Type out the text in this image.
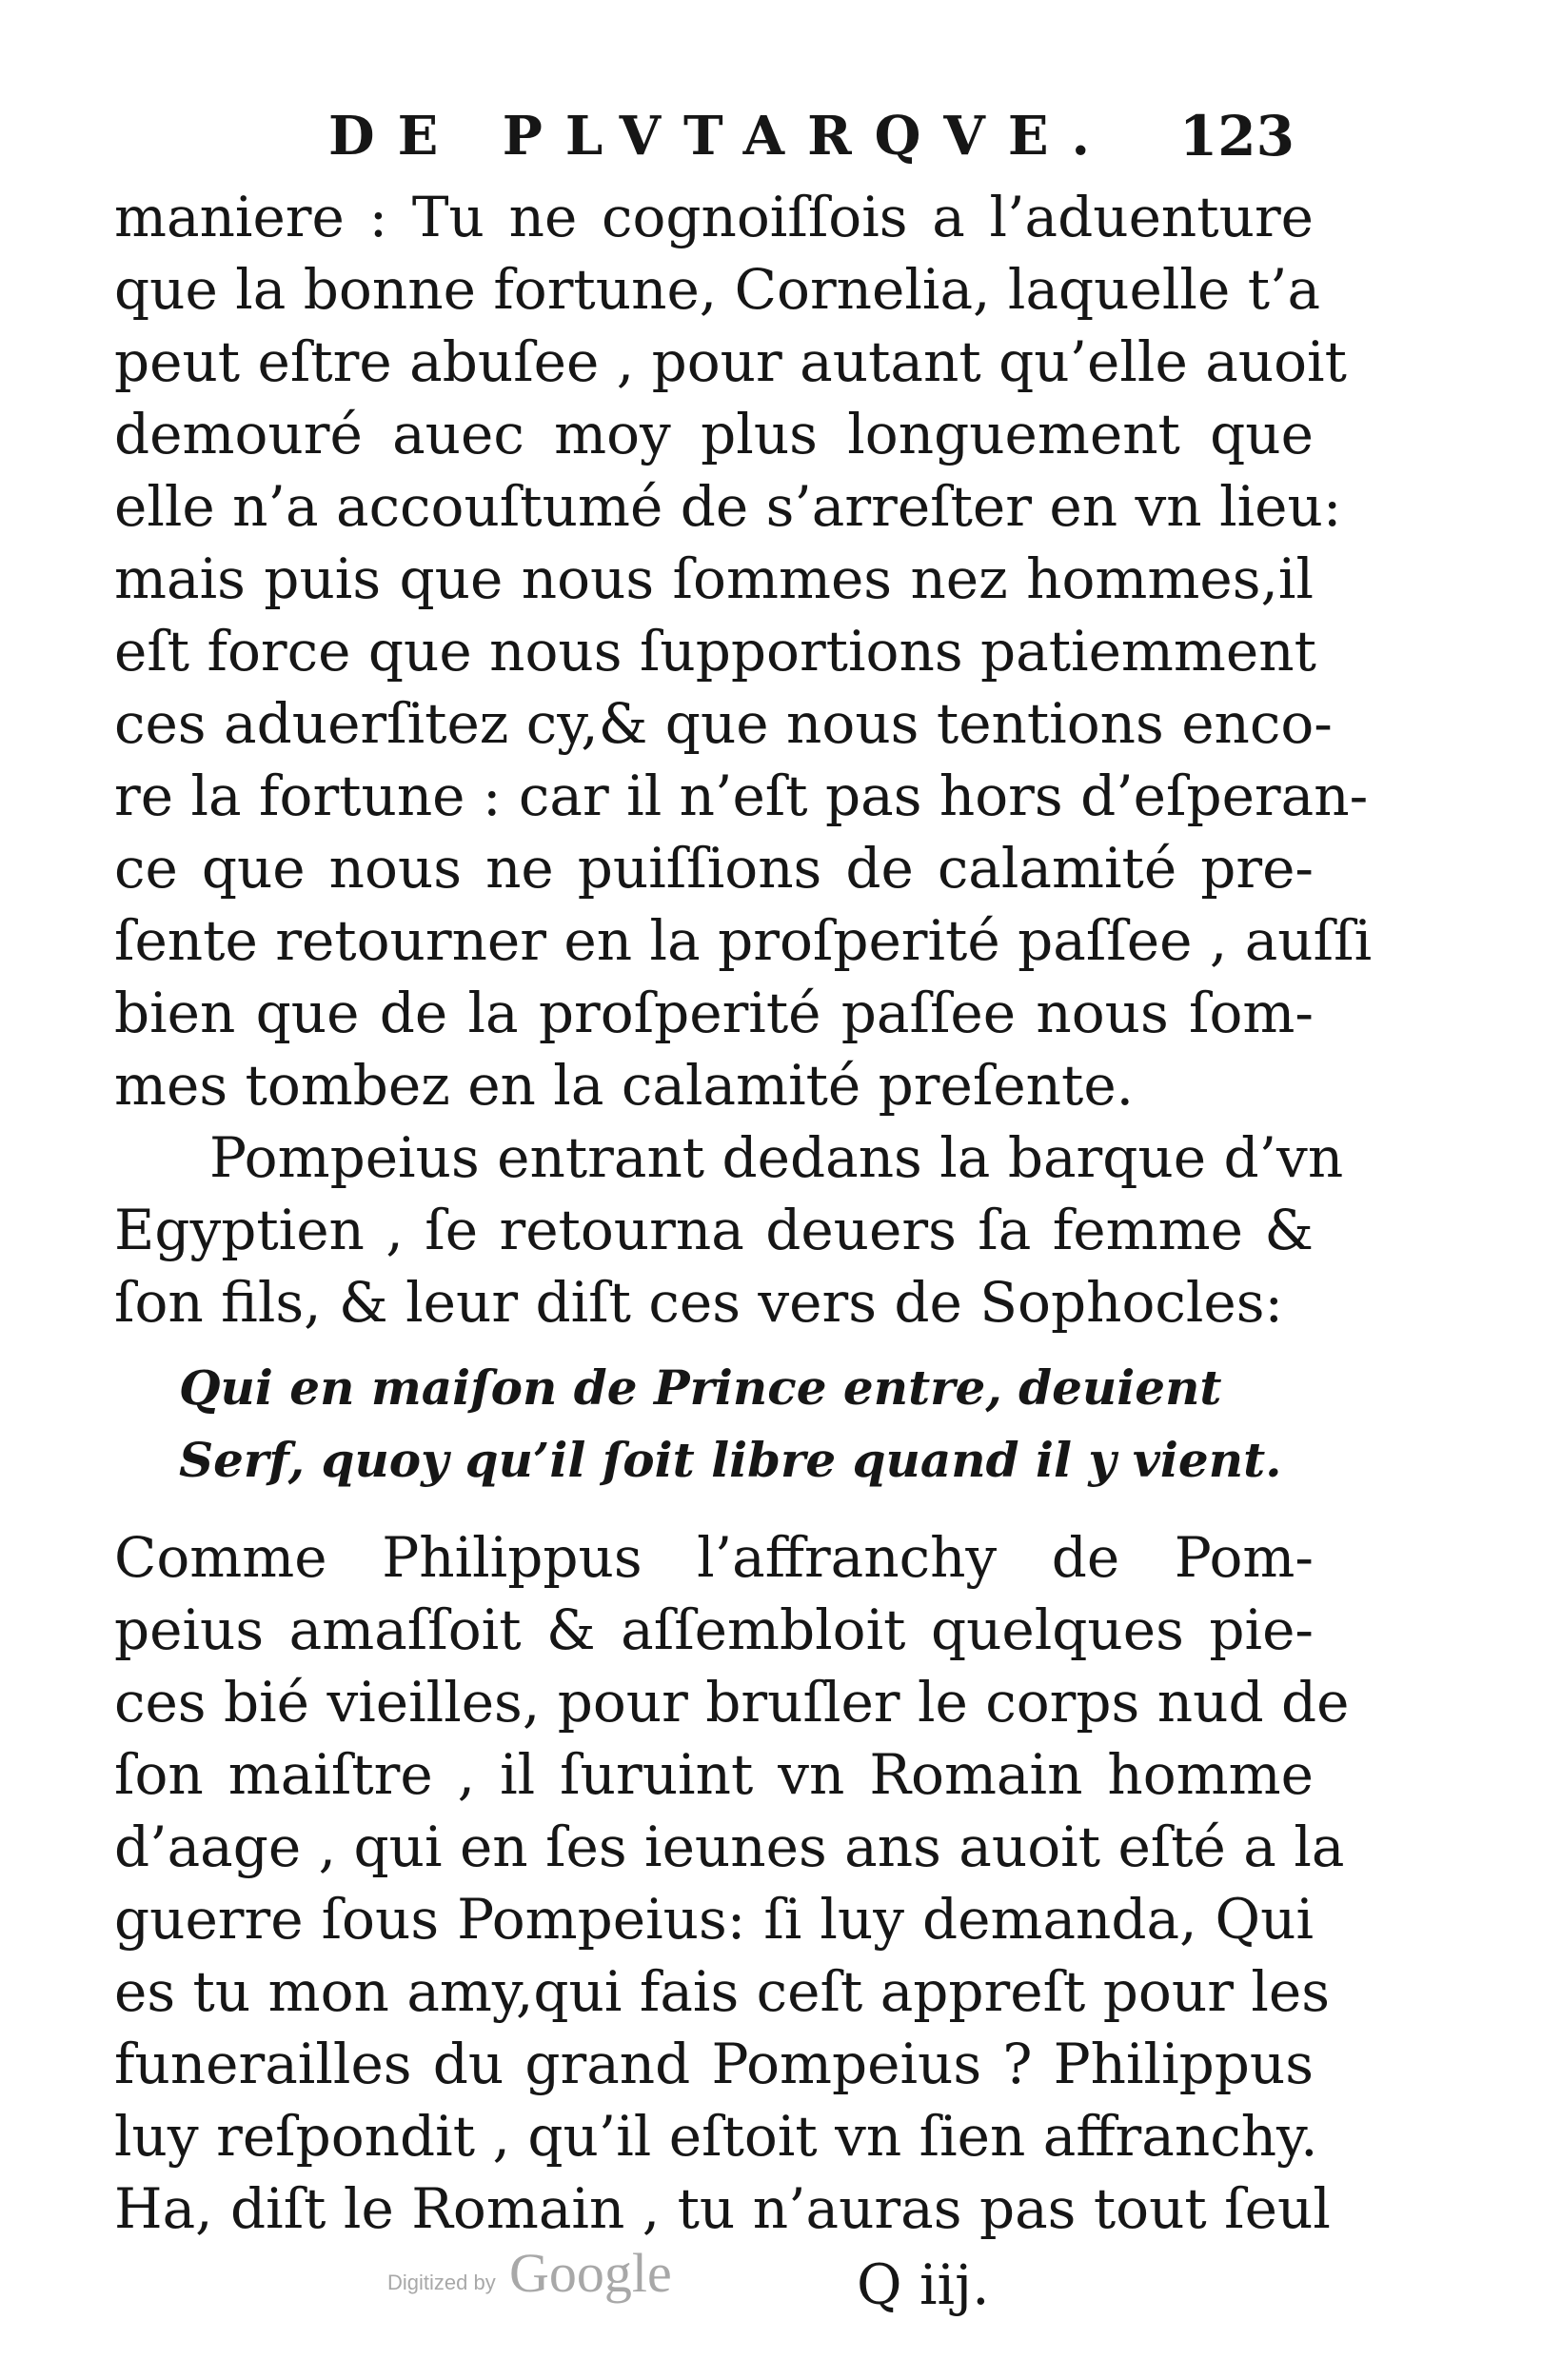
DE PLVTARQVE. 123
maniere : Tu ne cognoiſſois a l’aduenture
que la bonne fortune, Cornelia, laquelle t’a
peut eſtre abuſee , pour autant qu’elle auoit
demouré auec moy plus longuement que
elle n’a accouſtumé de s’arreſter en vn lieu:
mais puis que nous ſommes nez hommes,il
eſt force que nous ſupportions patiemment
ces aduerſitez cy,& que nous tentions enco-
re la fortune : car il n’eſt pas hors d’eſperan-
ce que nous ne puiſſions de calamité pre-
ſente retourner en la proſperité paſſee , auſſi
bien que de la proſperité paſſee nous ſom-
mes tombez en la calamité preſente.
Pompeius entrant dedans la barque d’vn
Egyptien , ſe retourna deuers ſa femme &
ſon fils, & leur diſt ces vers de Sophocles:
Qui en maiſon de Prince entre, deuient
Serf, quoy qu’il ſoit libre quand il y vient.
Comme Philippus l’affranchy de Pom-
peius amaſſoit & aſſembloit quelques pie-
ces bié vieilles, pour bruſler le corps nud de
ſon maiſtre , il ſuruint vn Romain homme
d’aage , qui en ſes ieunes ans auoit eſté a la
guerre ſous Pompeius: ſi luy demanda, Qui
es tu mon amy,qui fais ceſt appreſt pour les
funerailles du grand Pompeius ? Philippus
luy reſpondit , qu’il eſtoit vn ſien affranchy.
Ha, diſt le Romain , tu n’auras pas tout ſeul
Q iij.
Digitized by Google
